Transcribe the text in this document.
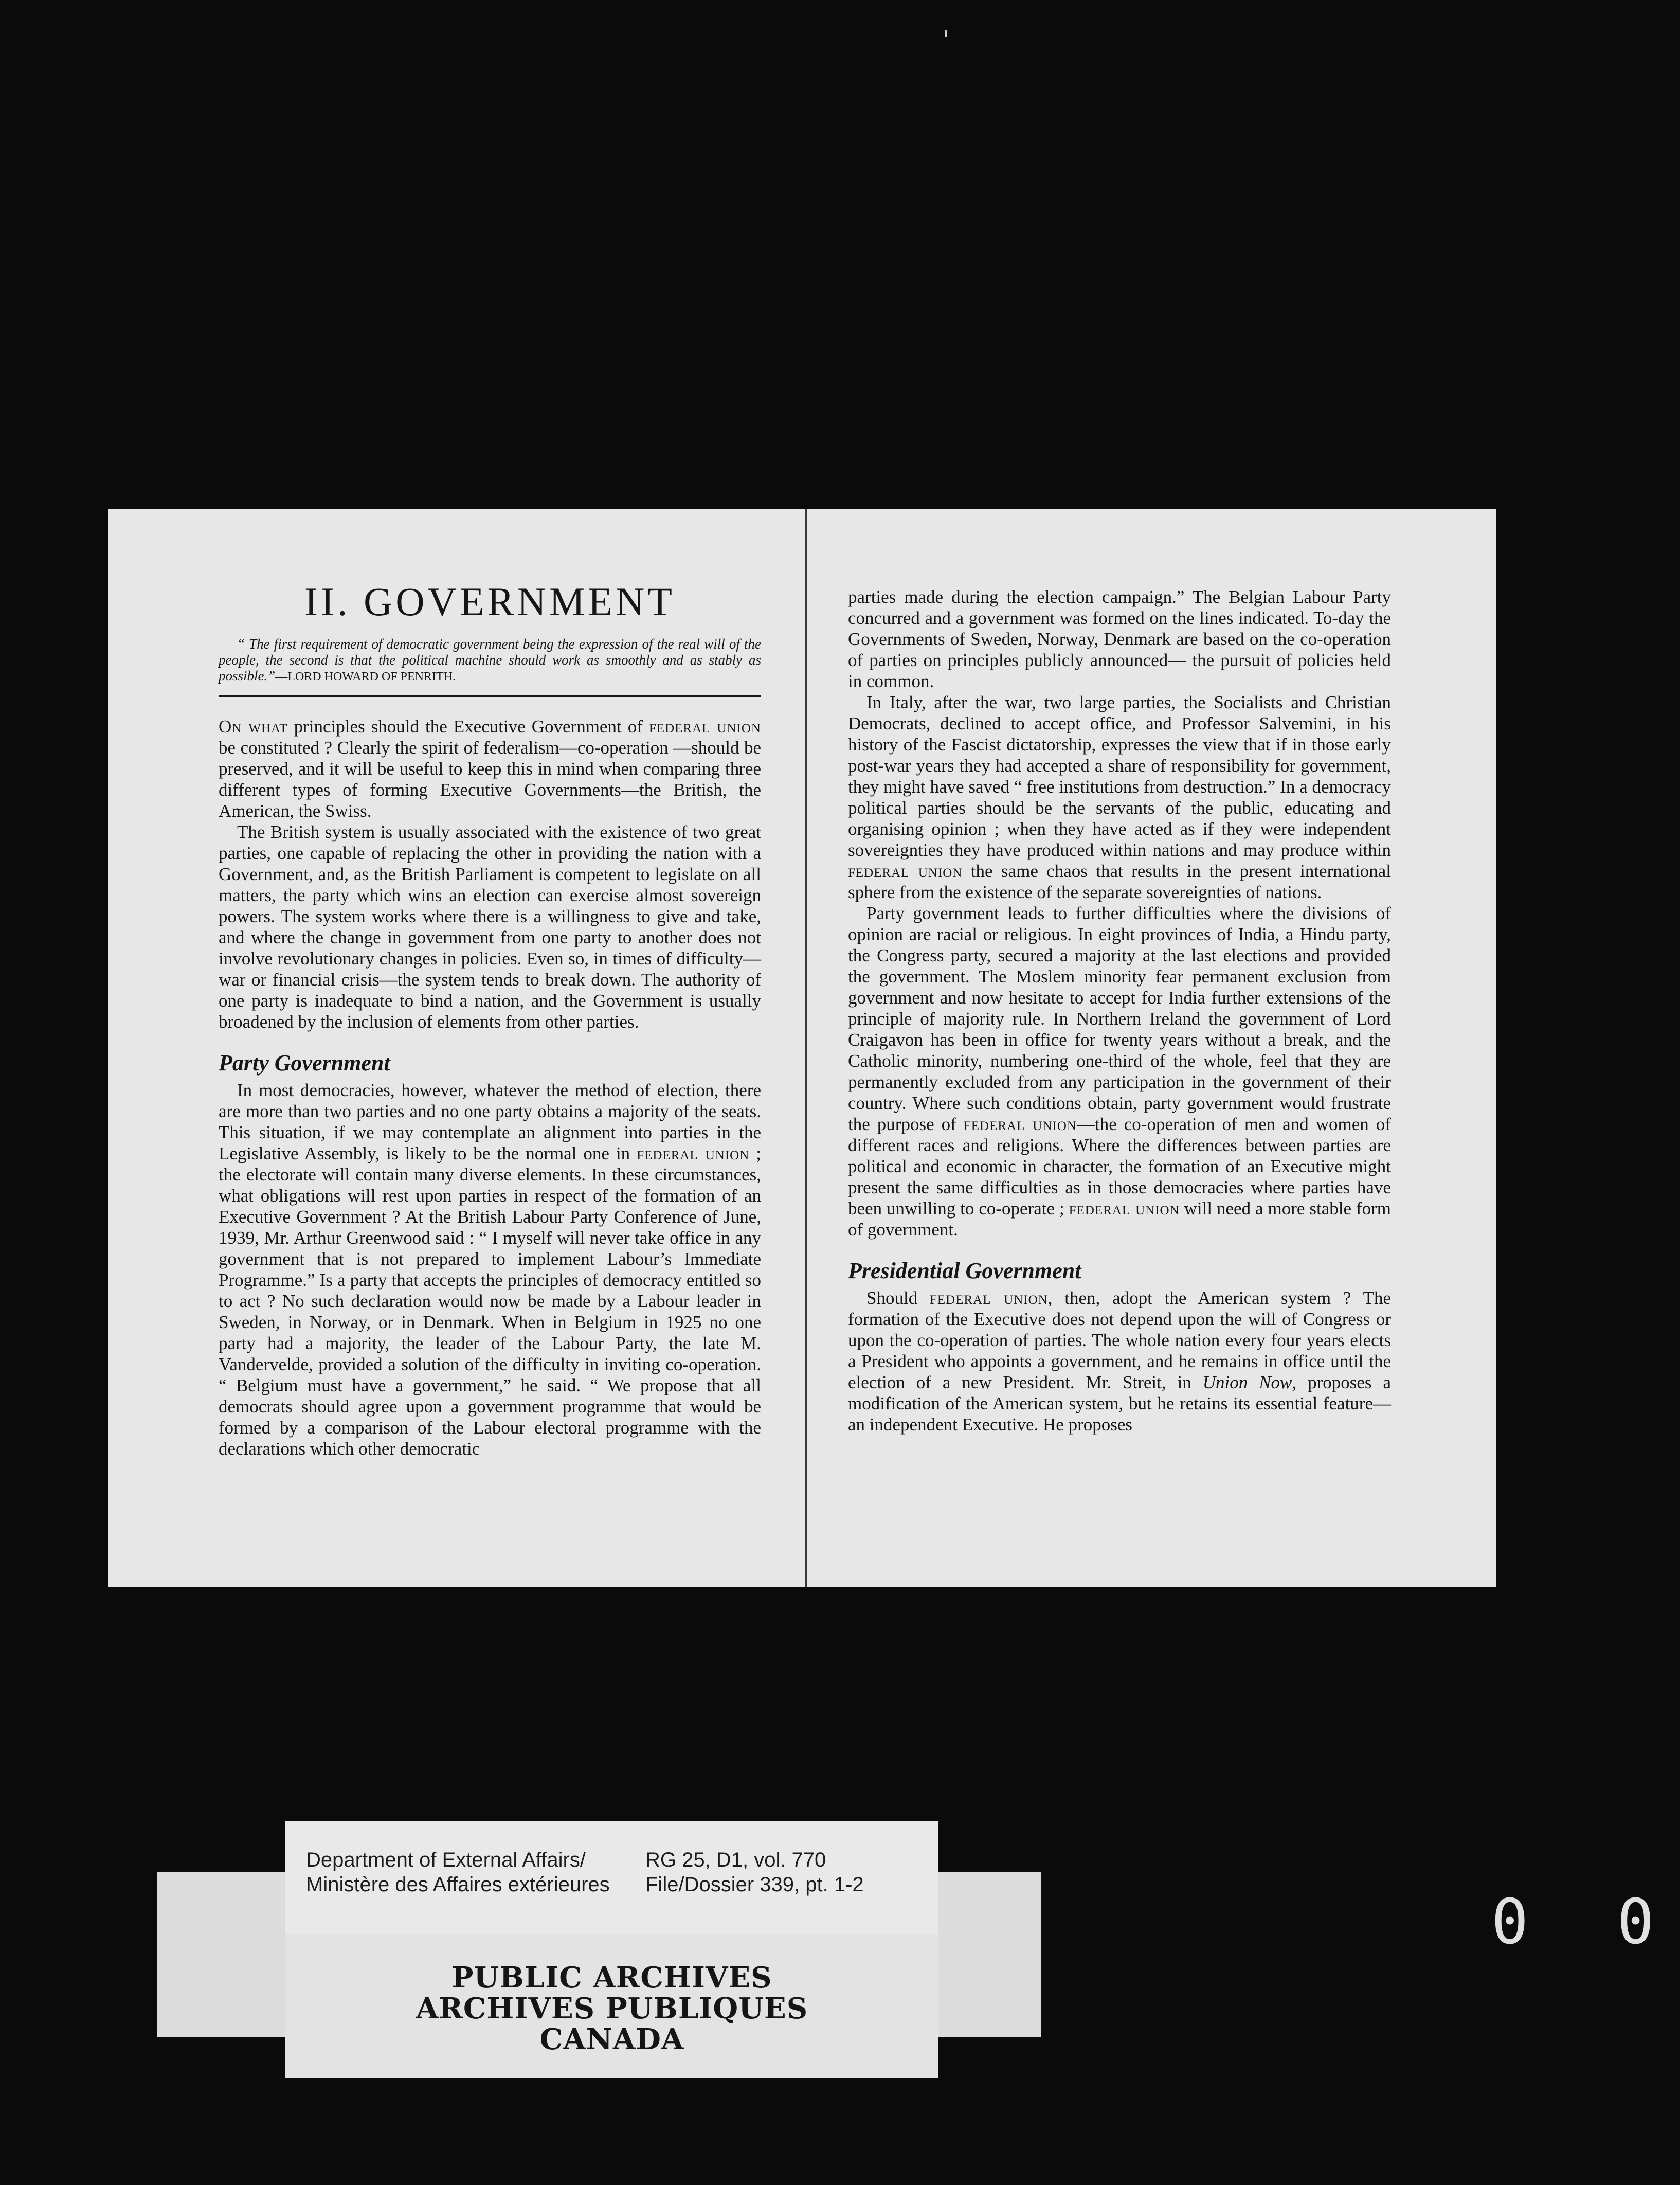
II. GOVERNMENT

“ The first requirement of democratic government being the expression of the real will of the people, the second is that the political machine should work as smoothly and as stably as possible.”—LORD HOWARD OF PENRITH.

On what principles should the Executive Government of federal union be constituted ? Clearly the spirit of federalism—co-operation —should be preserved, and it will be useful to keep this in mind when comparing three different types of forming Executive Governments—the British, the American, the Swiss.

The British system is usually associated with the existence of two great parties, one capable of replacing the other in providing the nation with a Government, and, as the British Parliament is competent to legislate on all matters, the party which wins an election can exercise almost sovereign powers. The system works where there is a willingness to give and take, and where the change in government from one party to another does not involve revolutionary changes in policies. Even so, in times of difficulty—war or financial crisis—the system tends to break down. The authority of one party is inadequate to bind a nation, and the Government is usually broadened by the inclusion of elements from other parties.

Party Government

In most democracies, however, whatever the method of election, there are more than two parties and no one party obtains a majority of the seats. This situation, if we may contemplate an alignment into parties in the Legislative Assembly, is likely to be the normal one in federal union ; the electorate will contain many diverse elements. In these circumstances, what obligations will rest upon parties in respect of the formation of an Executive Government ? At the British Labour Party Conference of June, 1939, Mr. Arthur Greenwood said : “ I myself will never take office in any government that is not prepared to implement Labour’s Immediate Programme.” Is a party that accepts the principles of democracy entitled so to act ? No such declaration would now be made by a Labour leader in Sweden, in Norway, or in Denmark. When in Belgium in 1925 no one party had a majority, the leader of the Labour Party, the late M. Vandervelde, provided a solution of the difficulty in inviting co-operation. “ Belgium must have a government,” he said. “ We propose that all democrats should agree upon a government programme that would be formed by a comparison of the Labour electoral programme with the declarations which other democratic

parties made during the election campaign.” The Belgian Labour Party concurred and a government was formed on the lines indicated. To-day the Governments of Sweden, Norway, Denmark are based on the co-operation of parties on principles publicly announced— the pursuit of policies held in common.

In Italy, after the war, two large parties, the Socialists and Christian Democrats, declined to accept office, and Professor Salvemini, in his history of the Fascist dictatorship, expresses the view that if in those early post-war years they had accepted a share of responsibility for government, they might have saved “ free institutions from destruction.” In a democracy political parties should be the servants of the public, educating and organising opinion ; when they have acted as if they were independent sovereignties they have produced within nations and may produce within federal union the same chaos that results in the present international sphere from the existence of the separate sovereignties of nations.

Party government leads to further difficulties where the divisions of opinion are racial or religious. In eight provinces of India, a Hindu party, the Congress party, secured a majority at the last elections and provided the government. The Moslem minority fear permanent exclusion from government and now hesitate to accept for India further extensions of the principle of majority rule. In Northern Ireland the government of Lord Craigavon has been in office for twenty years without a break, and the Catholic minority, numbering one-third of the whole, feel that they are permanently excluded from any participation in the government of their country. Where such conditions obtain, party government would frustrate the purpose of federal union—the co-operation of men and women of different races and religions. Where the differences between parties are political and economic in character, the formation of an Executive might present the same difficulties as in those democracies where parties have been unwilling to co-operate ; federal union will need a more stable form of government.

Presidential Government

Should federal union, then, adopt the American system ? The formation of the Executive does not depend upon the will of Congress or upon the co-operation of parties. The whole nation every four years elects a President who appoints a government, and he remains in office until the election of a new President. Mr. Streit, in Union Now, proposes a modification of the American system, but he retains its essential feature—an independent Executive. He proposes

Department of External Affairs/	RG 25, D1, vol. 770
Ministère des Affaires extérieures	File/Dossier 339, pt. 1-2
PUBLIC ARCHIVES
ARCHIVES PUBLIQUES
CANADA
0 0
